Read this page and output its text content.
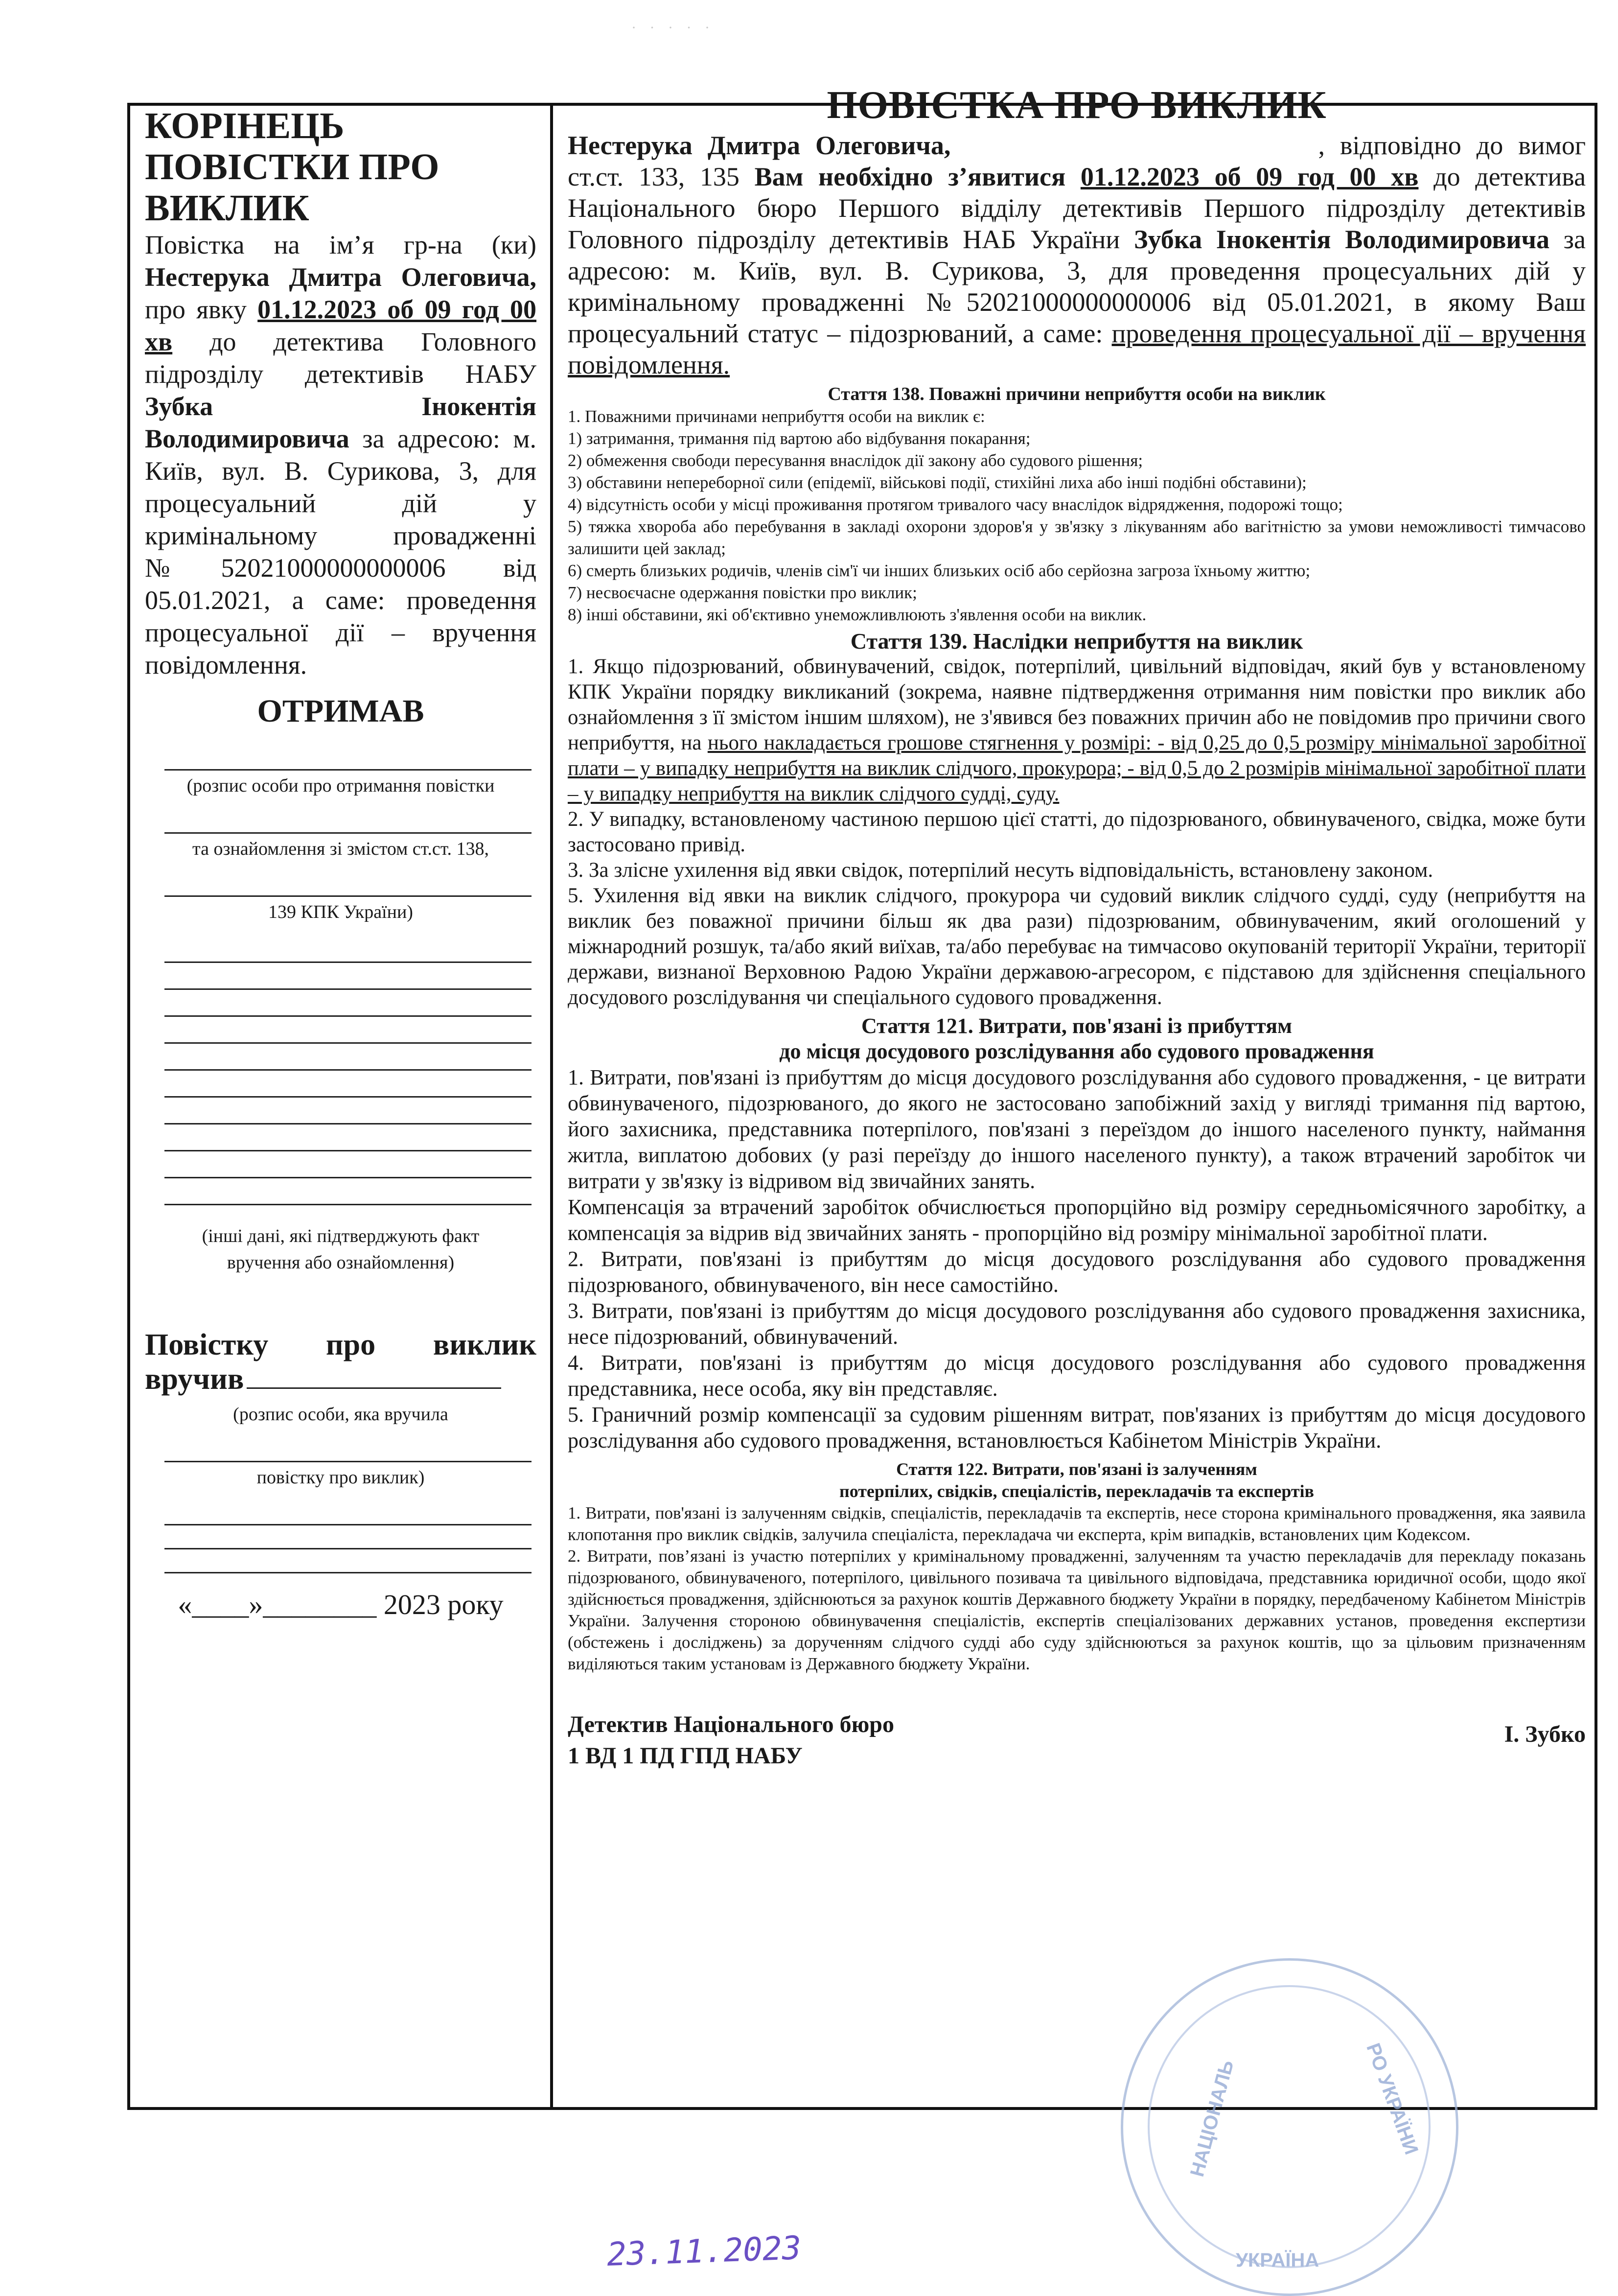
· · · · ·
КОРІНЕЦЬ ПОВІСТКИ ПРО ВИКЛИК
Повістка на ім’я гр-на (ки) Нестерука Дмитра Олеговича, про явку 01.12.2023 об 09 год 00 хв до детектива Головного підрозділу детективів НАБУ Зубка Інокентія Володимировича за адресою: м. Київ, вул. В. Сурикова, 3, для процесуальний дій у кримінальному провадженні №52021000000000006 від 05.01.2021, а саме: проведення процесуальної дії – вручення повідомлення.
ОТРИМАВ
(розпис особи про отримання повістки
та ознайомлення зі змістом ст.ст. 138,
139 КПК України)
(інші дані, які підтверджують факт
вручення або ознайомлення)
Повістку про виклик вручив
(розпис особи, яка вручила
повістку про виклик)
«____»________ 2023 року
ПОВІСТКА ПРО ВИКЛИК
Нестерука Дмитра Олеговича,	, відповідно до вимог ст.ст. 133, 135 Вам необхідно з’явитися 01.12.2023 об 09 год 00 хв до детектива Національного бюро Першого відділу детективів Першого підрозділу детективів Головного підрозділу детективів НАБ України Зубка Інокентія Володимировича за адресою: м. Київ, вул. В. Сурикова, 3, для проведення процесуальних дій у кримінальному провадженні №52021000000000006 від 05.01.2021, в якому Ваш процесуальний статус – підозрюваний, а саме: проведення процесуальної дії – вручення повідомлення.
Стаття 138. Поважні причини неприбуття особи на виклик
1. Поважними причинами неприбуття особи на виклик є:
1) затримання, тримання під вартою або відбування покарання;
2) обмеження свободи пересування внаслідок дії закону або судового рішення;
3) обставини непереборної сили (епідемії, військові події, стихійні лиха або інші подібні обставини);
4) відсутність особи у місці проживання протягом тривалого часу внаслідок відрядження, подорожі тощо;
5) тяжка хвороба або перебування в закладі охорони здоров'я у зв'язку з лікуванням або вагітністю за умови неможливості тимчасово залишити цей заклад;
6) смерть близьких родичів, членів сім'ї чи інших близьких осіб або серйозна загроза їхньому життю;
7) несвоєчасне одержання повістки про виклик;
8) інші обставини, які об'єктивно унеможливлюють з'явлення особи на виклик.
Стаття 139. Наслідки неприбуття на виклик
1. Якщо підозрюваний, обвинувачений, свідок, потерпілий, цивільний відповідач, який був у встановленому КПК України порядку викликаний (зокрема, наявне підтвердження отримання ним повістки про виклик або ознайомлення з її змістом іншим шляхом), не з'явився без поважних причин або не повідомив про причини свого неприбуття, на нього накладається грошове стягнення у розмірі: - від 0,25 до 0,5 розміру мінімальної заробітної плати – у випадку неприбуття на виклик слідчого, прокурора; - від 0,5 до 2 розмірів мінімальної заробітної плати – у випадку неприбуття на виклик слідчого судді, суду.
2. У випадку, встановленому частиною першою цієї статті, до підозрюваного, обвинуваченого, свідка, може бути застосовано привід.
3. За злісне ухилення від явки свідок, потерпілий несуть відповідальність, встановлену законом.
5. Ухилення від явки на виклик слідчого, прокурора чи судовий виклик слідчого судді, суду (неприбуття на виклик без поважної причини більш як два рази) підозрюваним, обвинуваченим, який оголошений у міжнародний розшук, та/або який виїхав, та/або перебуває на тимчасово окупованій території України, території держави, визнаної Верховною Радою України державою-агресором, є підставою для здійснення спеціального досудового розслідування чи спеціального судового провадження.
Стаття 121. Витрати, пов'язані із прибуттям
до місця досудового розслідування або судового провадження
1. Витрати, пов'язані із прибуттям до місця досудового розслідування або судового провадження, - це витрати обвинуваченого, підозрюваного, до якого не застосовано запобіжний захід у вигляді тримання під вартою, його захисника, представника потерпілого, пов'язані з переїздом до іншого населеного пункту, наймання житла, виплатою добових (у разі переїзду до іншого населеного пункту), а також втрачений заробіток чи витрати у зв'язку із відривом від звичайних занять.
Компенсація за втрачений заробіток обчислюється пропорційно від розміру середньомісячного заробітку, а компенсація за відрив від звичайних занять - пропорційно від розміру мінімальної заробітної плати.
2. Витрати, пов'язані із прибуттям до місця досудового розслідування або судового провадження підозрюваного, обвинуваченого, він несе самостійно.
3. Витрати, пов'язані із прибуттям до місця досудового розслідування або судового провадження захисника, несе підозрюваний, обвинувачений.
4. Витрати, пов'язані із прибуттям до місця досудового розслідування або судового провадження представника, несе особа, яку він представляє.
5. Граничний розмір компенсації за судовим рішенням витрат, пов'язаних із прибуттям до місця досудового розслідування або судового провадження, встановлюється Кабінетом Міністрів України.
Стаття 122. Витрати, пов'язані із залученням
потерпілих, свідків, спеціалістів, перекладачів та експертів
1. Витрати, пов'язані із залученням свідків, спеціалістів, перекладачів та експертів, несе сторона кримінального провадження, яка заявила клопотання про виклик свідків, залучила спеціаліста, перекладача чи експерта, крім випадків, встановлених цим Кодексом.
2. Витрати, пов’язані із участю потерпілих у кримінальному провадженні, залученням та участю перекладачів для перекладу показань підозрюваного, обвинуваченого, потерпілого, цивільного позивача та цивільного відповідача, представника юридичної особи, щодо якої здійснюється провадження, здійснюються за рахунок коштів Державного бюджету України в порядку, передбаченому Кабінетом Міністрів України. Залучення стороною обвинувачення спеціалістів, експертів спеціалізованих державних установ, проведення експертизи (обстежень і досліджень) за дорученням слідчого судді або суду здійснюються за рахунок коштів, що за цільовим призначенням виділяються таким установам із Державного бюджету України.
Детектив Національного бюро
1 ВД 1 ПД ГПД НАБУ
І. Зубко
НАЦІОНАЛЬ	РО УКРАЇНИ
УКРАЇНА
23.11.2023
